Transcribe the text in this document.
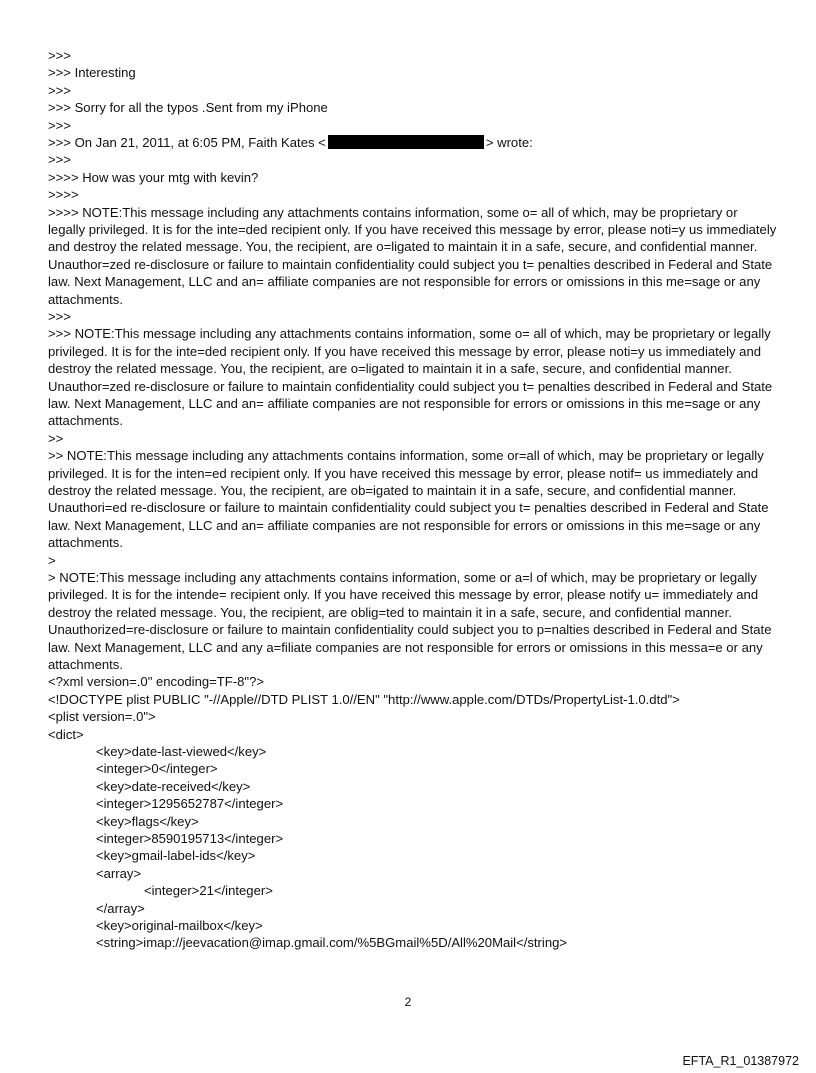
>>>
>>> Interesting
>>>
>>> Sorry for all the typos .Sent from my iPhone
>>>
>>> On Jan 21, 2011, at 6:05 PM, Faith Kates <	> wrote:
>>>
>>>> How was your mtg with kevin?
>>>>
>>>> NOTE:This message including any attachments contains information, some o= all of which, may be proprietary or legally privileged. It is for the inte=ded recipient only. If you have received this message by error, please noti=y us immediately and destroy the related message. You, the recipient, are o=ligated to maintain it in a safe, secure, and confidential manner. Unauthor=zed re-disclosure or failure to maintain confidentiality could subject you t= penalties described in Federal and State law. Next Management, LLC and an= affiliate companies are not responsible for errors or omissions in this me=sage or any attachments.
>>>
>>> NOTE:This message including any attachments contains information, some o= all of which, may be proprietary or legally privileged. It is for the inte=ded recipient only. If you have received this message by error, please noti=y us immediately and destroy the related message. You, the recipient, are o=ligated to maintain it in a safe, secure, and confidential manner. Unauthor=zed re-disclosure or failure to maintain confidentiality could subject you t= penalties described in Federal and State law. Next Management, LLC and an= affiliate companies are not responsible for errors or omissions in this me=sage or any attachments.
>>
>> NOTE:This message including any attachments contains information, some or=all of which, may be proprietary or legally privileged. It is for the inten=ed recipient only. If you have received this message by error, please notif= us immediately and destroy the related message. You, the recipient, are ob=igated to maintain it in a safe, secure, and confidential manner. Unauthori=ed re-disclosure or failure to maintain confidentiality could subject you t= penalties described in Federal and State law. Next Management, LLC and an= affiliate companies are not responsible for errors or omissions in this me=sage or any attachments.
>
> NOTE:This message including any attachments contains information, some or a=l of which, may be proprietary or legally privileged. It is for the intende= recipient only. If you have received this message by error, please notify u= immediately and destroy the related message. You, the recipient, are oblig=ted to maintain it in a safe, secure, and confidential manner. Unauthorized=re-disclosure or failure to maintain confidentiality could subject you to p=nalties described in Federal and State law. Next Management, LLC and any a=filiate companies are not responsible for errors or omissions in this messa=e or any attachments.
<?xml version=.0" encoding=TF-8"?>
<!DOCTYPE plist PUBLIC "-//Apple//DTD PLIST 1.0//EN" "http://www.apple.com/DTDs/PropertyList-1.0.dtd">
<plist version=.0">
<dict>
<key>date-last-viewed</key>
<integer>0</integer>
<key>date-received</key>
<integer>1295652787</integer>
<key>flags</key>
<integer>8590195713</integer>
<key>gmail-label-ids</key>
<array>
<integer>21</integer>
</array>
<key>original-mailbox</key>
<string>imap://jeevacation@imap.gmail.com/%5BGmail%5D/All%20Mail</string>
2
EFTA_R1_01387972
